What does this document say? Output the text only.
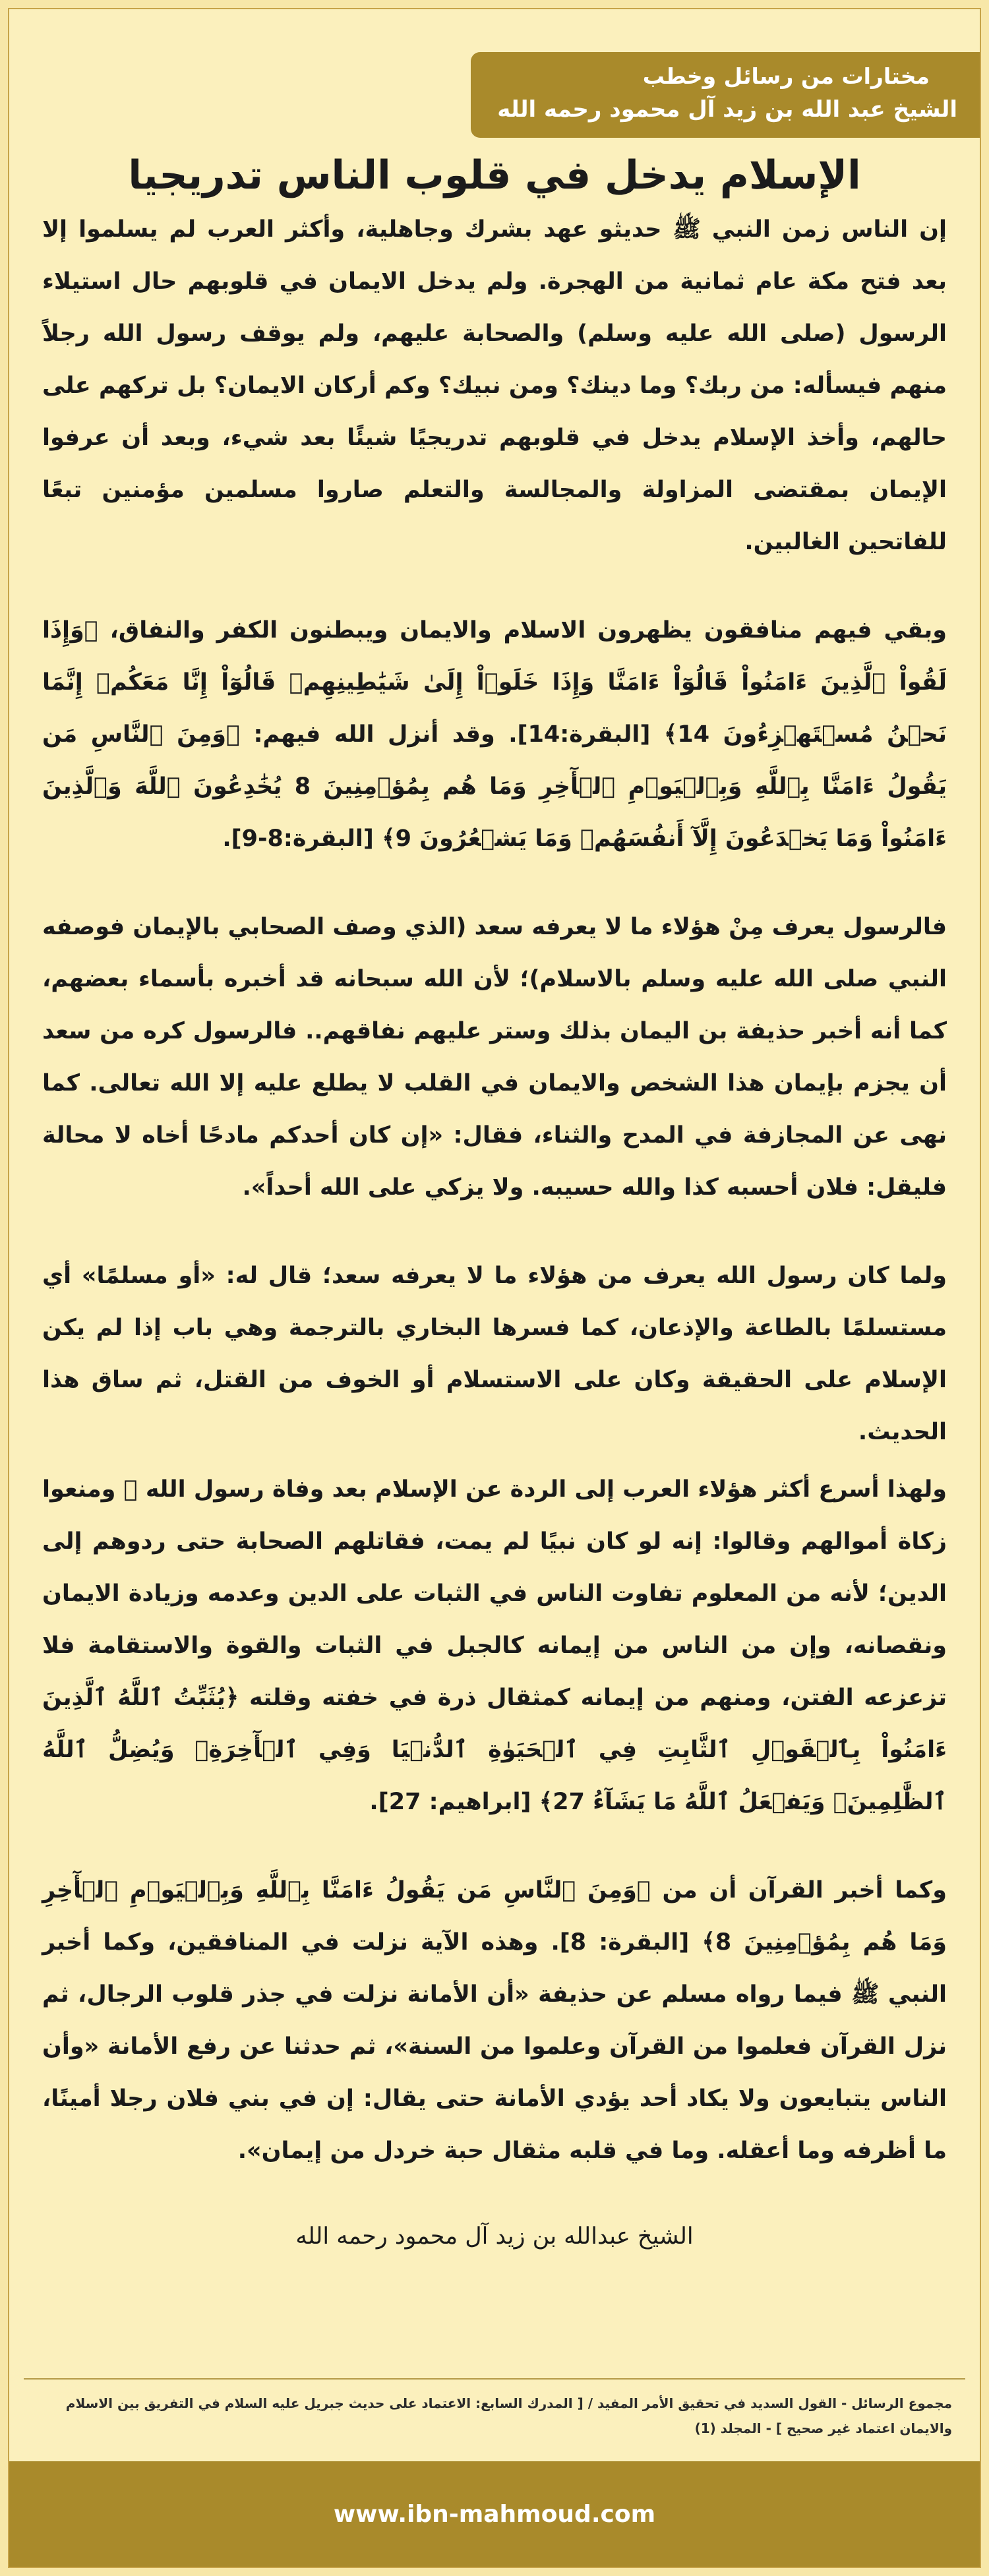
مختارات من رسائل وخطب
الشيخ عبد الله بن زيد آل محمود رحمه الله
الإسلام يدخل في قلوب الناس تدريجيا

إن الناس زمن النبي ﷺ حديثو عهد بشرك وجاهلية، وأكثر العرب لم يسلموا إلا بعد فتح مكة عام ثمانية من الهجرة. ولم يدخل الايمان في قلوبهم حال استيلاء الرسول (صلى الله عليه وسلم) والصحابة عليهم، ولم يوقف رسول الله رجلاً منهم فيسأله: من ربك؟ وما دينك؟ ومن نبيك؟ وكم أركان الايمان؟ بل تركهم على حالهم، وأخذ الإسلام يدخل في قلوبهم تدريجيًا شيئًا بعد شيء، وبعد أن عرفوا الإيمان بمقتضى المزاولة والمجالسة والتعلم صاروا مسلمين مؤمنين تبعًا للفاتحين الغالبين.

وبقي فيهم منافقون يظهرون الاسلام والايمان ويبطنون الكفر والنفاق، ﴿وَإِذَا لَقُواْ ٱلَّذِينَ ءَامَنُواْ قَالُوٓاْ ءَامَنَّا وَإِذَا خَلَوۡاْ إِلَىٰ شَيَٰطِينِهِمۡ قَالُوٓاْ إِنَّا مَعَكُمۡ إِنَّمَا نَحۡنُ مُسۡتَهۡزِءُونَ 14﴾ [البقرة:14]. وقد أنزل الله فيهم: ﴿وَمِنَ ٱلنَّاسِ مَن يَقُولُ ءَامَنَّا بِٱللَّهِ وَبِٱلۡيَوۡمِ ٱلۡأٓخِرِ وَمَا هُم بِمُؤۡمِنِينَ 8 يُخَٰدِعُونَ ٱللَّهَ وَٱلَّذِينَ ءَامَنُواْ وَمَا يَخۡدَعُونَ إِلَّآ أَنفُسَهُمۡ وَمَا يَشۡعُرُونَ 9﴾ [البقرة:8-9].

فالرسول يعرف مِنْ هؤلاء ما لا يعرفه سعد (الذي وصف الصحابي بالإيمان فوصفه النبي صلى الله عليه وسلم بالاسلام)؛ لأن الله سبحانه قد أخبره بأسماء بعضهم، كما أنه أخبر حذيفة بن اليمان بذلك وستر عليهم نفاقهم.. فالرسول كره من سعد أن يجزم بإيمان هذا الشخص والايمان في القلب لا يطلع عليه إلا الله تعالى. كما نهى عن المجازفة في المدح والثناء، فقال: «إن كان أحدكم مادحًا أخاه لا محالة فليقل: فلان أحسبه كذا والله حسيبه. ولا يزكي على الله أحداً».

ولما كان رسول الله يعرف من هؤلاء ما لا يعرفه سعد؛ قال له: «أو مسلمًا» أي مستسلمًا بالطاعة والإذعان، كما فسرها البخاري بالترجمة وهي باب إذا لم يكن الإسلام على الحقيقة وكان على الاستسلام أو الخوف من القتل، ثم ساق هذا الحديث.

ولهذا أسرع أكثر هؤلاء العرب إلى الردة عن الإسلام بعد وفاة رسول الله ﷺ ومنعوا زكاة أموالهم وقالوا: إنه لو كان نبيًا لم يمت، فقاتلهم الصحابة حتى ردوهم إلى الدين؛ لأنه من المعلوم تفاوت الناس في الثبات على الدين وعدمه وزيادة الايمان ونقصانه، وإن من الناس من إيمانه كالجبل في الثبات والقوة والاستقامة فلا تزعزعه الفتن، ومنهم من إيمانه كمثقال ذرة في خفته وقلته ﴿يُثَبِّتُ ٱللَّهُ ٱلَّذِينَ ءَامَنُواْ بِٱلۡقَوۡلِ ٱلثَّابِتِ فِي ٱلۡحَيَوٰةِ ٱلدُّنۡيَا وَفِي ٱلۡأٓخِرَةِۖ وَيُضِلُّ ٱللَّهُ ٱلظَّٰلِمِينَۚ وَيَفۡعَلُ ٱللَّهُ مَا يَشَآءُ 27﴾ [ابراهيم: 27].

وكما أخبر القرآن أن من ﴿وَمِنَ ٱلنَّاسِ مَن يَقُولُ ءَامَنَّا بِٱللَّهِ وَبِٱلۡيَوۡمِ ٱلۡأٓخِرِ وَمَا هُم بِمُؤۡمِنِينَ 8﴾ [البقرة: 8]. وهذه الآية نزلت في المنافقين، وكما أخبر النبي ﷺ فيما رواه مسلم عن حذيفة «أن الأمانة نزلت في جذر قلوب الرجال، ثم نزل القرآن فعلموا من القرآن وعلموا من السنة»، ثم حدثنا عن رفع الأمانة «وأن الناس يتبايعون ولا يكاد أحد يؤدي الأمانة حتى يقال: إن في بني فلان رجلا أمينًا، ما أظرفه وما أعقله. وما في قلبه مثقال حبة خردل من إيمان».

الشيخ عبدالله بن زيد آل محمود رحمه الله
مجموع الرسائل - القول السديد في تحقيق الأمر المفيد / [ المدرك السابع: الاعتماد على حديث جبريل عليه السلام في التفريق بين الاسلام والايمان اعتماد غير صحيح ] - المجلد (1)
www.ibn-mahmoud.com
